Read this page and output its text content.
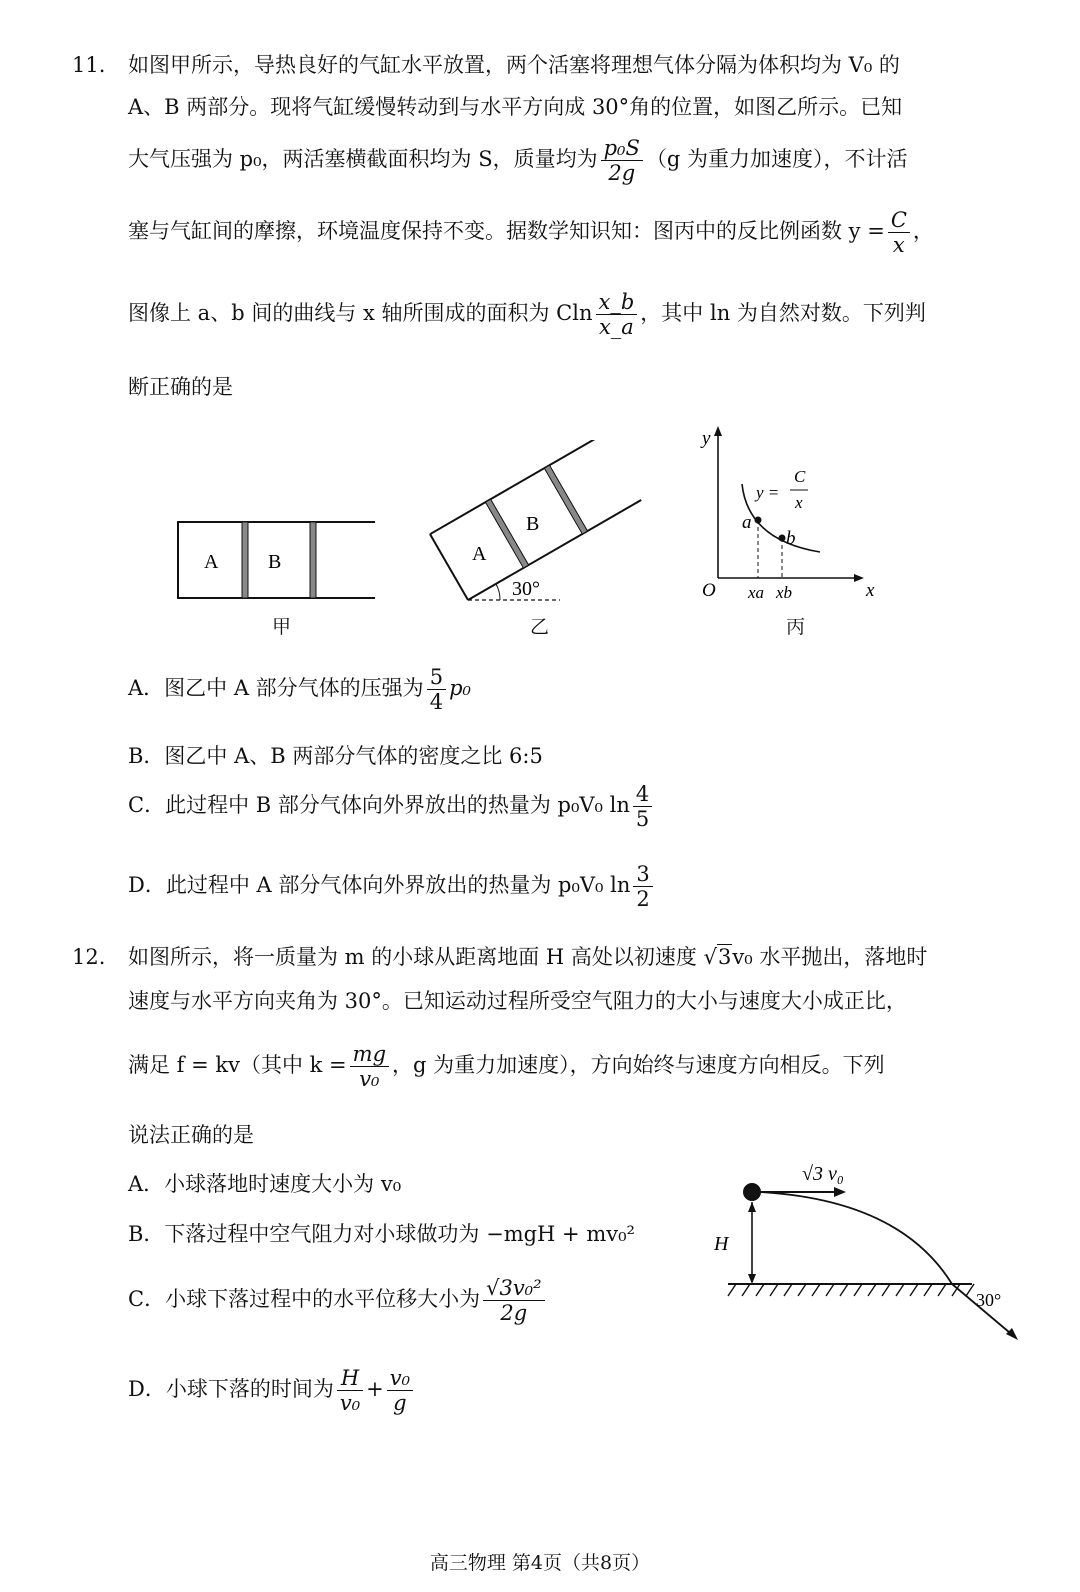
11. 如图甲所示，导热良好的气缸水平放置，两个活塞将理想气体分隔为体积均为 V₀ 的
A、B 两部分。现将气缸缓慢转动到与水平方向成 30°角的位置，如图乙所示。已知
大气压强为 p₀，两活塞横截面积均为 S，质量均为 $\frac{\text{p₀S}}{2g} (g$ 为重力加速度），不计活
塞与气缸间的摩擦，环境温度保持不变。据数学知识知：图丙中的反比例函数 $y = \frac{C}{x}$ ，
图像上 a、b 间的曲线与 x 轴所围成的面积为 Cln $\frac{x\_b}{x\_a}$ ，其中 ln 为自然对数。下列判
断正确的是
A B
甲
A
B
30°
乙
y
x
O
a
b
xa xb
y =
C
x
丙
A．图乙中 A 部分气体的压强为 $\frac{5}{4} p_0$
B．图乙中 A、B 两部分气体的密度之比 6:5
C．此过程中 B 部分气体向外界放出的热量为 p₀V₀ $\ln \frac{4}{5}$
D．此过程中 A 部分气体向外界放出的热量为 p₀V₀ $\ln \frac{3}{2}$
12. 如图所示，将一质量为 m 的小球从距离地面 H 高处以初速度 √3v₀ 水平抛出，落地时
速度与水平方向夹角为 30°。已知运动过程所受空气阻力的大小与速度大小成正比，
满足 f = kv（其中 $k = \frac{mg}{\text{v₀}}$ ，g 为重力加速度），方向始终与速度方向相反。下列
说法正确的是
A．小球落地时速度大小为 v₀
B．下落过程中空气阻力对小球做功为 −mgH + mv₀²
C．小球下落过程中的水平位移大小为 $\frac{\text{√3v₀²}}{2g}$
D．小球下落的时间为 $\frac{H}{\text{v₀}} + \frac{\text{v₀}}{g}$
√3 v₀
H
30°
高三物理 第4页（共8页）
